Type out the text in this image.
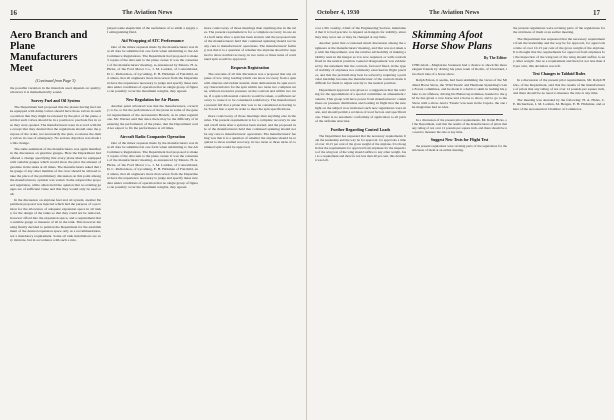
16	The Aviation News
Aero Branch and Plane Manufacturers Meet
(Continued from Page 3)

the possible variation in the materials used depends on quality; whatever it is mathematically sound.

Survey Fuel and Oil System

The Department had proposed that the planes having fuel tanks equipped with dump valves should have those valves in such a position that they might be released by the pilot of the plane, and that such valves should be in a position to preclude fire in case they were opened. The manufacturers were in accord with this except that they desired that the regulations should state the purpose of the order, not necessarily the plan, to release the dump valves in case of emergency. No serious objection was made to this change.

The same sentiment of the manufacturers was again manifest in the discussion on gasoline gauges. Here the Department had offered a change specifying that every plane must be equipped with suitable gauges which would show the pilot the amount of gasoline in the tanks at all times. The manufacturers asked that the gauge of any other member of the crew should be allowed to take the place of the preliminary discussion on this point among the manufacturers, opinion was varied. Some adopted the proposed regulation, while others held the opinion that no existing gauges are of sufficient value and that they would only be used at all.

In the discussion on airplane fuel and oil system, another Department proposal was injected which had the purpose of a provision for the allowance of adequate expansion space in all tanks; for the design of the tanks so that they could not be removed, however afford into the expansion space, and a requirement that a suitable gauge or measure of all in the tank. This however meeting finally decided to petition the Department for the establishment of the desired expansion space only as a recommendation, not a mandatory requirement. Some oil tank installations are very intricate, but in accordance with such a rule.

played some skepticism of the usefulness of so small a supply of extinguishing fluid.

Aid Wrapping of ATC Performance

One of the minor requests made by the manufacturers was that all data be submitted in one form when submitting to the Air Commerce Regulations. The Department had proposed to make 3 copies of the data sent to the plane owner. It was the consensus of the manufacturers' meeting, as announced by Messrs. H. A. Hicks, of the Ford Motor Co., I. M. Laddon, of Consolidated, D. C. Richardson, of Lycoming, E. H. Hickman of Fairchild, and others, that all engineers more than seven from the Department have the experience necessary to judge and specify these new data under conditions of operation that no single group of figures can possibly cover the maximum weights, they agreed.

New Regulation for Air Planes

Another point advanced was that the manufacturers, correctly; to be, to list the performance of the plane in some of the general requirements of the Aeronautics Branch, as in other regulations. Mr. Warner said that since there may be the difficulty of measuring the performance of the plane, that the Department could not expect to fix the performance at all times.

Aircraft Radio Companies Operation

One of the minor requests made by the manufacturers was that all data be submitted in one form when submitting to the Air Commerce Regulations. The Department had proposed to make 3 copies of the data sent to the plane owner. It was the consensus of the manufacturers' meeting, as announced by Messrs. H. A. Hicks, of the Ford Motor Co., I. M. Laddon, of Consolidated, D. C. Richardson, of Lycoming, E. H. Hickman of Fairchild, and others, that all engineers more than seven from the Department have the experience necessary to judge and specify these new data under conditions of operation that no single group of figures can possibly cover the maximum weights, they agreed.

more controversy of those meetings than anything else in the rules. The present requirement is for a complete recovery in one and a half turns after a spin has been started, and the proposed rule of the manufacturers held that continued spinning should not be any cure to manufacturers' operations. The manufacturers' feeling was that it is a question of whether the airplane should be required to show normal recovery, in two turns or three turns of continued spin would be approved.

Requests Registration

The outcome of all this discussion was a proposal that any airplane of low wing loading which can show recovery from a spin with ailerons and rudder neutral, must demonstrate its spin recovery characteristics for the spin within two turns two complete turns, without excessive pressure on the controls and within two turns, if a spin with neutral controls would be taken, a sufficient recovery to cause it to be considered satisfactory. The manufacturers present felt that a plane that was to be considered as having to be 'forced into a spin' in order to meet the spin specifications.

more controversy of those meetings than anything else in the rules. The present requirement is for a complete recovery in one and a half turns after a spin has been started, and the proposed rule of the manufacturers held that continued spinning should not be any cure to manufacturers' operations. The manufacturers' feeling was that it is a question of whether the airplane should be required to show normal recovery, in two turns or three turns of continued spin would be approved.

October 4, 1930	The Aviation News	17

cost a Mr. Gaufey, Chief of the Engineering Section, maintained that it is bad practice to depend on hangars for stability, since they may wear out or may be changed at any time.

Another point that occasioned much discussion among the engineers at the manufacturers' meeting, and that was not taken up with the Department, was the relative advisability of making stability tests in the hangar as it is now required, or with controls fixed in the neutral position. General disagreement was evidenced by the statement that the controls, factored fixed, in the type of stability of airplanes not commonly exercised in flight practice, and that the problem may best be solved by requiring a particular hardship because the manufacturer of the controls made it difficult for them to adjust exactly to the neutral position.

Department approval was given to a suggestion that the waiving for the appointment of a special committee on amusement contests. This group will have power from manufacturers' committees on pressure distribution and loading in flight that the new light on the subject now indicated such new regulations were made, and should permit a revision of load factors and specifications. There is no automatic conformity of application to all parts of the airframe structure.

Further Regarding Control Loads

The Department has requested that the necessary requirements from the leadership and the way be for approval, for approvals a time of over 10-15 per cent of the gross weight of the airplane. It is thought that the requirements for approval from airplanes for the inspection of the wing test of the wing should suffice to any other weight. Just as a requirement and then for not less than 40 per cent, this deviation was left.

Skimming Afoot Horse Show Plans
By The Editor

CHICAGO—Magistrate Sorenson had a chance to shock his more elegant friends by driving his prize team of Rodin, of Cleveland, into their idea of a horse show.

Ralph Edson, it seems, had been skimming the views of the Midland Horse Show, the 'Wild Tussle' and Hermann Spaulding's Lake Forest committee, and he made it a habit to skim in lashing his plane to an offshore, driving his Buttercup nominee, handed to the girl he has given a race horse and a horse to show, and to go to the Show with a show. And a 'Tussle' was seen in the Cupola, the one the magistrate had no idea.

In a discussion of the present pilot requirements, Mr. Ralph Hicks, of the Department, said that the results of the manufacturers of pilots that any ruling of not over 12 pounds per square inch, and there should be no need to measure the rule at any time.

Suggest New Tests for Flight Test

the present regulations were revising parts of the regulations for the strictness of them at an earlier meeting.

the present regulations were revising parts of the regulations for the strictness of them at an earlier meeting.

The Department has requested that the necessary requirements from the leadership and the way be for approval, for approvals a time of over 10-15 per cent of the gross weight of the airplane. It is thought that the requirements for approval from airplanes for the inspection of the wing test of the wing should suffice to any other weight. Just as a requirement and then for not less than 40 per cent, this deviation was left.

Test Changes to Tabloid Rules

In a discussion of the present pilot requirements, Mr. Ralph Hicks, of the Department, said that the results of the manufacturers of pilots that any ruling of not over 12 pounds per square inch, and there should be no need to measure the rule at any time.

The meeting was attended by the following: H. A. Hicks, C. E. Richardson, I. M. Laddon, M. Bergen, E. H. Hickman, and others of the Aeronautical Chamber of Commerce.
